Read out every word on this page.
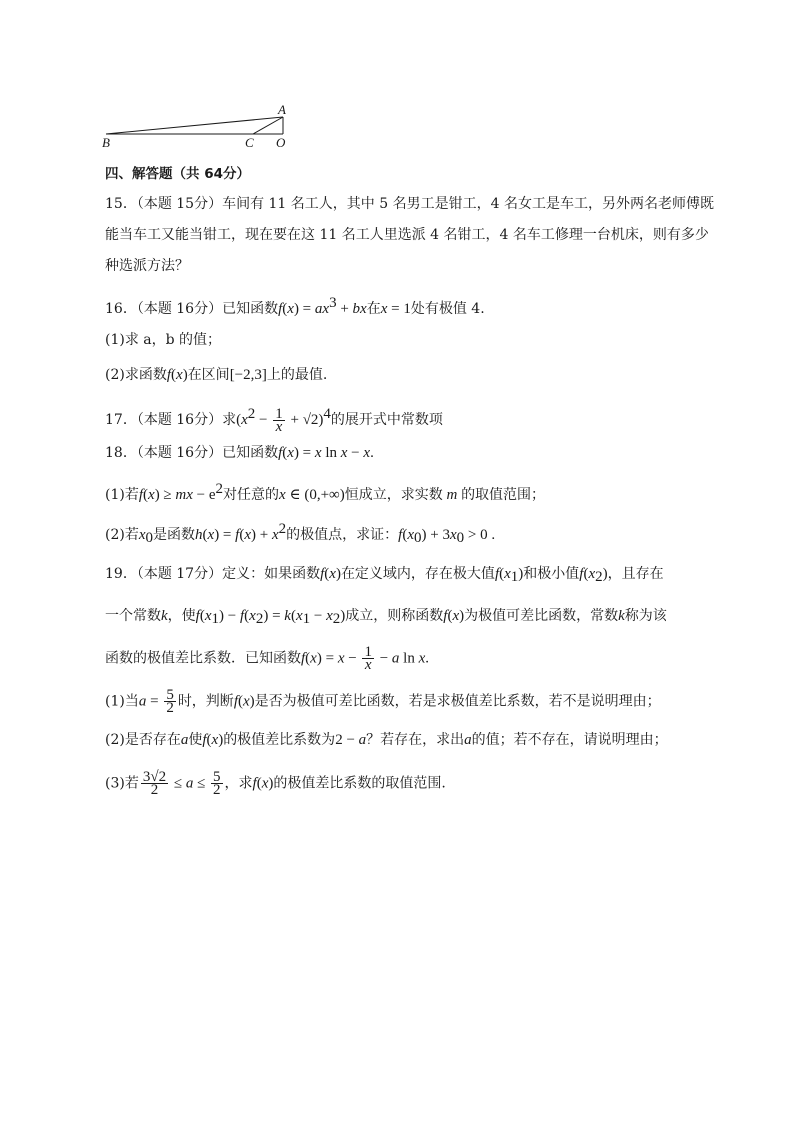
A
B	C O
四、解答题（共 64分）
15．（本题 15分）车间有 11 名工人，其中 5 名男工是钳工，4 名女工是车工，另外两名老师傅既
能当车工又能当钳工，现在要在这 11 名工人里选派 4 名钳工，4 名车工修理一台机床，则有多少
种选派方法？
16．（本题 16分）已知函数$f(x) = ax^3$ + bx在x = 1处有极值 4.
(1)求 a，b 的值；
(2)求函数f(x)在区间[−2,3]上的最值.
17．（本题 16分）求$(x^2 - \frac{1}{x} + √2)^4$的展开式中常数项
18．（本题 16分）已知函数f(x) = x ln x − x.
(1)若f(x) ≥ mx − $e^2$对任意的x ∈ (0,+∞)恒成立，求实数 m 的取值范围；
(2)若$x_0$是函数$h(x) = f(x) + x^2$的极值点，求证：$f(x_0) + 3x_0 > 0$ .
19．（本题 17分）定义：如果函数f(x)在定义域内，存在极大值$f(x_1)$和极小值$f(x_2)$，且存在
一个常数k，使$f(x_1) - f(x_2) = k(x_1 - x_2)$成立，则称函数f(x)为极值可差比函数，常数k称为该
函数的极值差比系数．已知函数$f(x) = x - \frac{1}{x} - a$ ln x.
(1)当$a = \frac{5}{2}$ 时，判断f(x)是否为极值可差比函数，若是求极值差比系数，若不是说明理由；
(2)是否存在a使f(x)的极值差比系数为2 − a？若存在，求出a的值；若不存在，请说明理由；
(3)若 $\frac{3√2}{2} \le a \le \frac{5}{2}$ ，求f(x)的极值差比系数的取值范围.
